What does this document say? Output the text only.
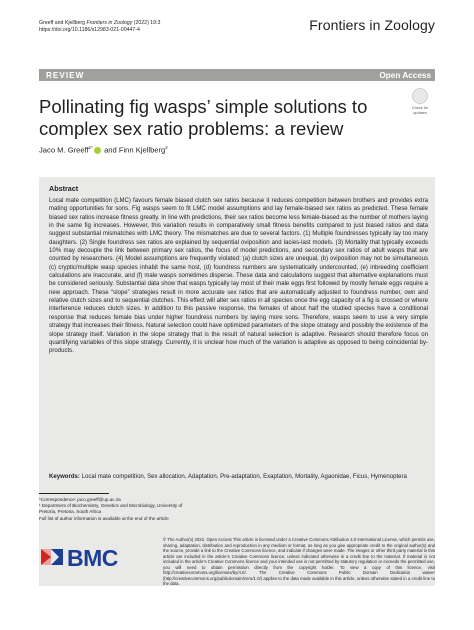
Greeff and Kjellberg Frontiers in Zoology (2022) 19:3
https://doi.org/10.1186/s12983-021-00447-4	Frontiers in Zoology
REVIEW	Open Access
Pollinating fig wasps’ simple solutions to complex sex ratio problems: a review
Check for updates
Jaco M. Greeff$^{1*}$ and Finn Kjellberg$^2$
Abstract
Local mate competition (LMC) favours female biased clutch sex ratios because it reduces competition between brothers and provides extra mating opportunities for sons. Fig wasps seem to fit LMC model assumptions and lay female-biased sex ratios as predicted. These female biased sex ratios increase fitness greatly. In line with predictions, their sex ratios become less female-biased as the number of mothers laying in the same fig increases. However, this variation results in comparatively small fitness benefits compared to just biased ratios and data suggest substantial mismatches with LMC theory. The mismatches are due to several factors. (1) Multiple foundresses typically lay too many daughters. (2) Single foundress sex ratios are explained by sequential oviposition and lacies-last models. (3) Mortality that typically exceeds 10% may decouple the link between primary sex ratios, the focus of model predictions, and secondary sex ratios of adult wasps that are counted by researchers. (4) Model assumptions are frequently violated: (a) clutch sizes are unequal, (b) oviposition may not be simultaneous (c) cryptic/multiple wasp species inhabit the same host, (d) foundress numbers are systematically undercounted, (e) inbreeding coefficient calculations are inaccurate, and (f) male wasps sometimes disperse. These data and calculations suggest that alternative explanations must be considered seriously. Substantial data show that wasps typically lay most of their male eggs first followed by mostly female eggs require a new approach. These “slope” strategies result in more accurate sex ratios that are automatically adjusted to foundress number, own and relative clutch sizes and to sequential clutches. This effect will alter sex ratios in all species once the egg capacity of a fig is crossed or where interference reduces clutch sizes. In addition to this passive response, the females of about half the studied species have a conditional response that reduces female bias under higher foundress numbers by laying more sons. Therefore, wasps seem to use a very simple strategy that increases their fitness. Natural selection could have optimized parameters of the slope strategy and possibly the existence of the slope strategy itself. Variation in the slope strategy that is the result of natural selection is adaptive. Research should therefore focus on quantifying variables of this slope strategy. Currently, it is unclear how much of the variation is adaptive as opposed to being coincidental by-products.
Keywords: Local mate competition, Sex allocation, Adaptation, Pre-adaptation, Exaptation, Mortality, Agaonidae, Ficus, Hymenoptera
*Correspondence: jaco.greeff@up.ac.za
¹ Department of Biochemistry, Genetics and Microbiology, University of Pretoria, Pretoria, South Africa
Full list of author information is available at the end of the article
BMC
© The Author(s) 2022. Open Access This article is licensed under a Creative Commons Attribution 4.0 International License, which permits use, sharing, adaptation, distribution and reproduction in any medium or format, as long as you give appropriate credit to the original author(s) and the source, provide a link to the Creative Commons licence, and indicate if changes were made. The images or other third party material in this article are included in the article’s Creative Commons licence, unless indicated otherwise in a credit line to the material. If material is not included in the article’s Creative Commons licence and your intended use is not permitted by statutory regulation or exceeds the permitted use, you will need to obtain permission directly from the copyright holder. To view a copy of this licence, visit http://creativecommons.org/licenses/by/4.0/. The Creative Commons Public Domain Dedication waiver (http://creativecommons.org/publicdomain/zero/1.0/) applies to the data made available in this article, unless otherwise stated in a credit line to the data.
